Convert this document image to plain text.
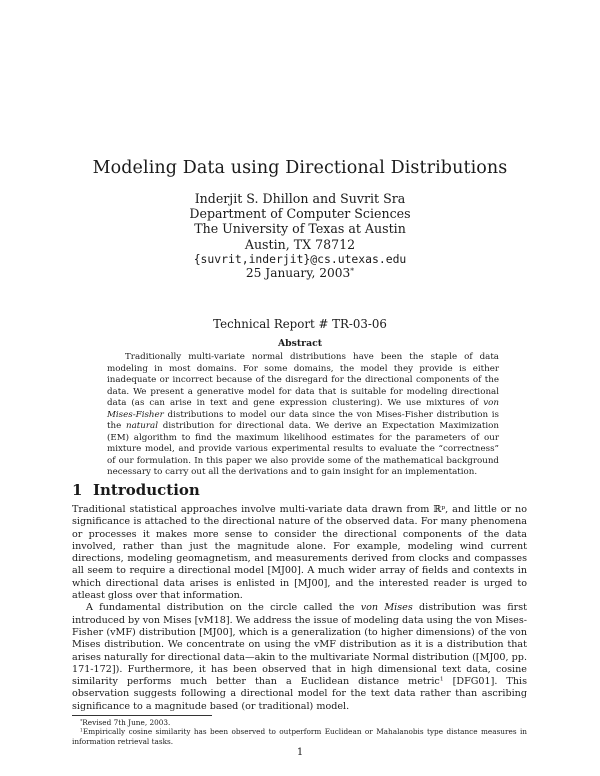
Modeling Data using Directional Distributions
Inderjit S. Dhillon and Suvrit Sra
Department of Computer Sciences
The University of Texas at Austin
Austin, TX 78712
{suvrit,inderjit}@cs.utexas.edu
25 January, 2003*
Technical Report # TR-03-06
Abstract
Traditionally multi-variate normal distributions have been the staple of data modeling in most domains. For some domains, the model they provide is either inadequate or incorrect because of the disregard for the directional components of the data. We present a generative model for data that is suitable for modeling directional data (as can arise in text and gene expression clustering). We use mixtures of von Mises-Fisher distributions to model our data since the von Mises-Fisher distribution is the natural distribution for directional data. We derive an Expectation Maximization (EM) algorithm to find the maximum likelihood estimates for the parameters of our mixture model, and provide various experimental results to evaluate the “correctness” of our formulation. In this paper we also provide some of the mathematical background necessary to carry out all the derivations and to gain insight for an implementation.
1 Introduction

Traditional statistical approaches involve multi-variate data drawn from ℝᵖ, and little or no significance is attached to the directional nature of the observed data. For many phenomena or processes it makes more sense to consider the directional components of the data involved, rather than just the magnitude alone. For example, modeling wind current directions, modeling geomagnetism, and measurements derived from clocks and compasses all seem to require a directional model [MJ00]. A much wider array of fields and contexts in which directional data arises is enlisted in [MJ00], and the interested reader is urged to atleast gloss over that information.

A fundamental distribution on the circle called the von Mises distribution was first introduced by von Mises [vM18]. We address the issue of modeling data using the von Mises-Fisher (vMF) distribution [MJ00], which is a generalization (to higher dimensions) of the von Mises distribution. We concentrate on using the vMF distribution as it is a distribution that arises naturally for directional data—akin to the multivariate Normal distribution ([MJ00, pp. 171-172]). Furthermore, it has been observed that in high dimensional text data, cosine similarity performs much better than a Euclidean distance metric$^1$ [DFG01]. This observation suggests following a directional model for the text data rather than ascribing significance to a magnitude based (or traditional) model.

*Revised 7th June, 2003.

$^1$Empirically cosine similarity has been observed to outperform Euclidean or Mahalanobis type distance measures in information retrieval tasks.

1
